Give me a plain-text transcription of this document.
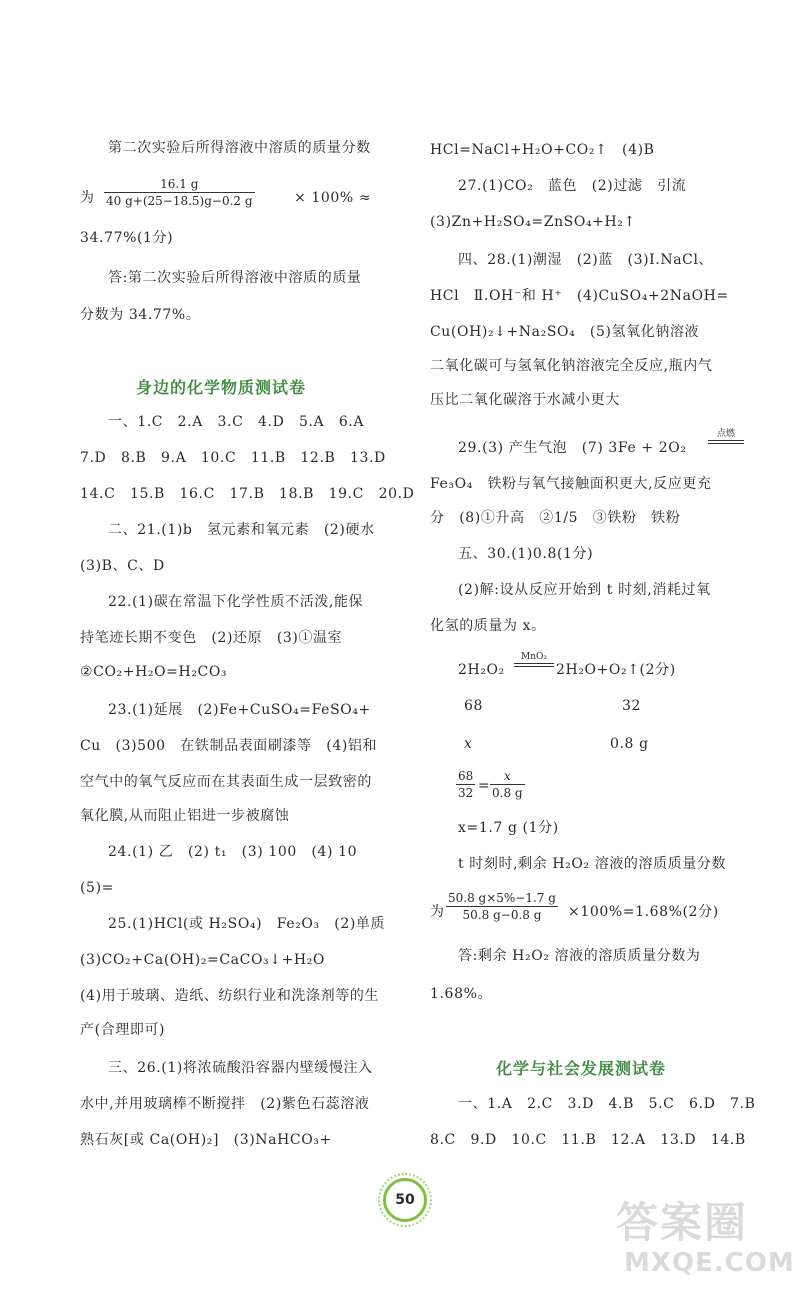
第二次实验后所得溶液中溶质的质量分数
为 $\frac{16.1 g}{40 g+(25-18.5)g-0.2 g}$	× 100% ≈
34.77%(1分)
答:第二次实验后所得溶液中溶质的质量
分数为 34.77%。
身边的化学物质测试卷
一、1.C　2.A　3.C　4.D　5.A　6.A
7.D　8.B　9.A　10.C　11.B　12.B　13.D
14.C　15.B　16.C　17.B　18.B　19.C　20.D
二、21.(1)b　氢元素和氧元素　(2)硬水
(3)B、C、D
22.(1)碳在常温下化学性质不活泼,能保
持笔迹长期不变色　(2)还原　(3)①温室
②CO₂+H₂O=H₂CO₃
23.(1)延展　(2)Fe+CuSO₄=FeSO₄+
Cu　(3)500　在铁制品表面刷漆等　(4)铝和
空气中的氧气反应而在其表面生成一层致密的
氧化膜,从而阻止铝进一步被腐蚀
24.(1) 乙　(2) t₁　(3) 100　(4) 10
(5)=
25.(1)HCl(或 H₂SO₄)　Fe₂O₃　(2)单质
(3)CO₂+Ca(OH)₂=CaCO₃↓+H₂O
(4)用于玻璃、造纸、纺织行业和洗涤剂等的生
产(合理即可)
三、26.(1)将浓硫酸沿容器内壁缓慢注入
水中,并用玻璃棒不断搅拌　(2)紫色石蕊溶液
熟石灰[或 Ca(OH)₂]　(3)NaHCO₃+
HCl=NaCl+H₂O+CO₂↑　(4)B
27.(1)CO₂　蓝色　(2)过滤　引流
(3)Zn+H₂SO₄=ZnSO₄+H₂↑
四、28.(1)潮湿　(2)蓝　(3)Ⅰ.NaCl、
HCl　Ⅱ.OH⁻和 H⁺　(4)CuSO₄+2NaOH=
Cu(OH)₂↓+Na₂SO₄　(5)氢氧化钠溶液
二氧化碳可与氢氧化钠溶液完全反应,瓶内气
压比二氧化碳溶于水减小更大
29.(3) 产生气泡　(7) 3Fe + 2O₂
点燃
Fe₃O₄　铁粉与氧气接触面积更大,反应更充
分　(8)①升高　②1/5　③铁粉　铁粉
五、30.(1)0.8(1分)
(2)解:设从反应开始到 t 时刻,消耗过氧
化氢的质量为 x。
2H₂O₂
MnO₂
2H₂O+O₂↑(2分)
68	32
x	0.8 g
$\frac{68}{32} = \frac{x}{0.8 g}$
x=1.7 g (1分)
t 时刻时,剩余 H₂O₂ 溶液的溶质质量分数
为 $\frac{50.8 g\times 5\%-1.7 g}{50.8 g-0.8 g} \times 100\%=1.68\%(2$分)
答:剩余 H₂O₂ 溶液的溶质质量分数为
1.68%。
化学与社会发展测试卷
一、1.A　2.C　3.D　4.B　5.C　6.D　7.B
8.C　9.D　10.C　11.B　12.A　13.D　14.B
50	答案圈
MXQE.COM
